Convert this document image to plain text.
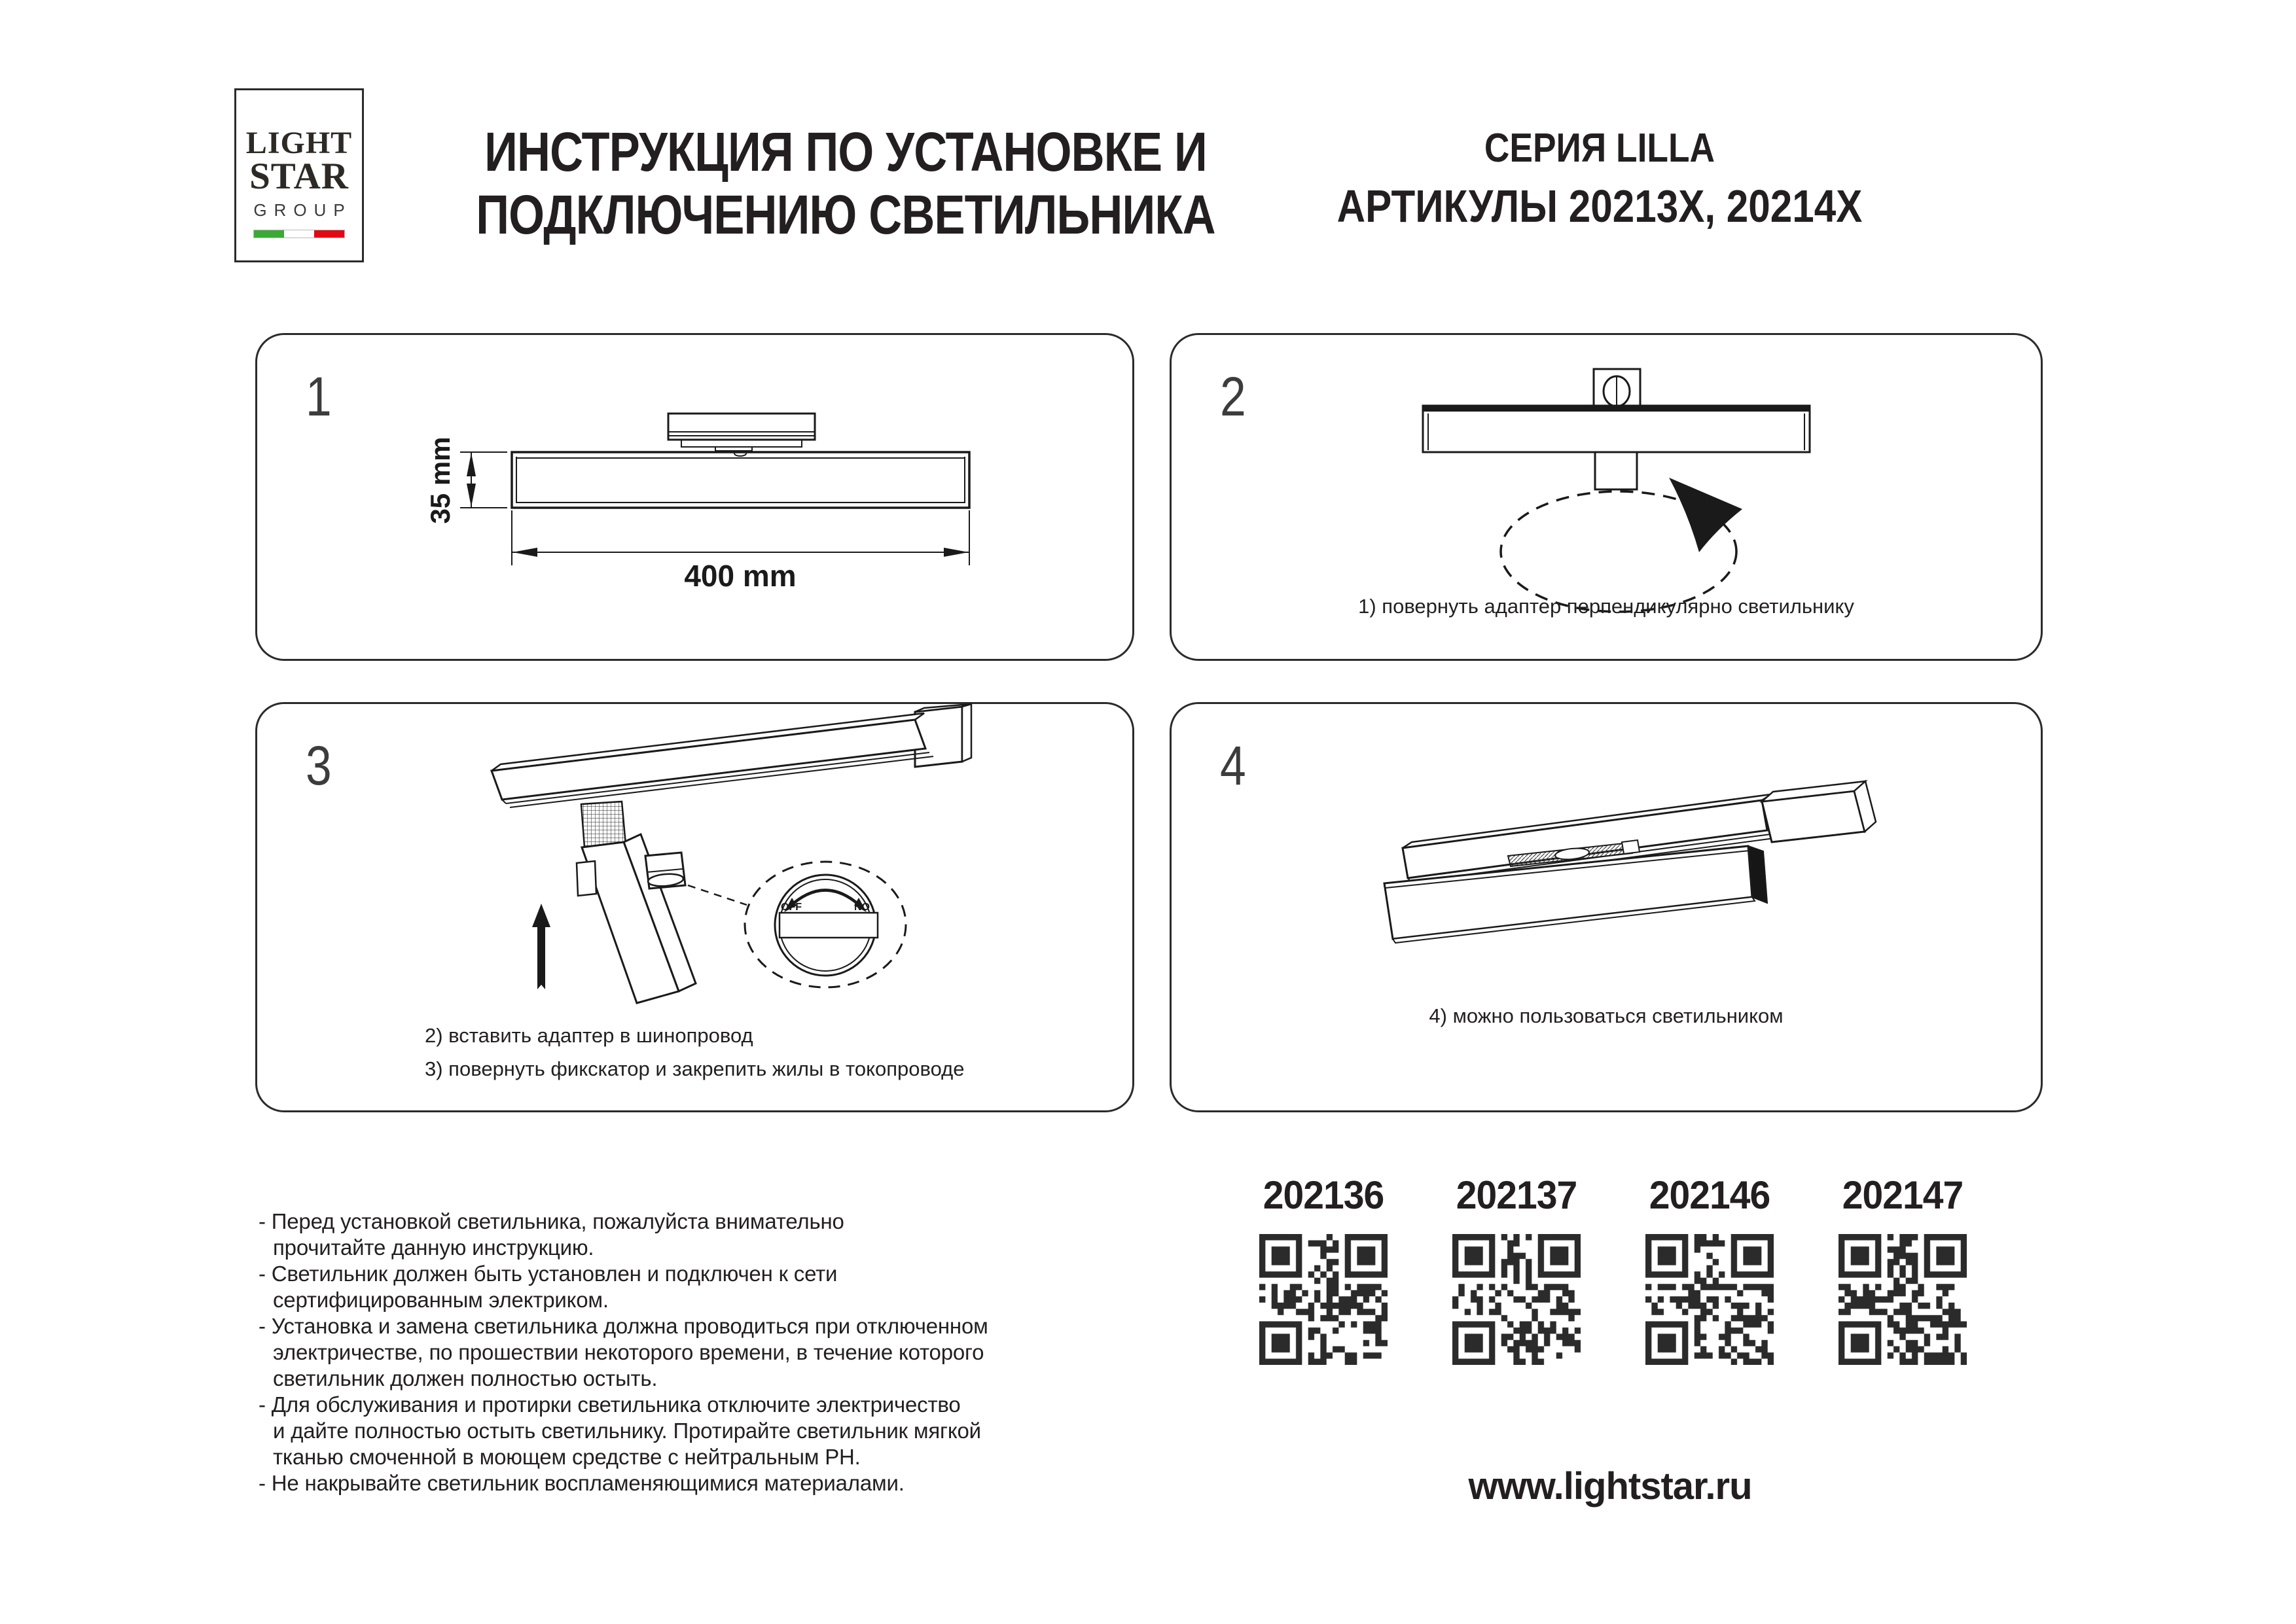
LIGHT
STAR
GROUP
ИНСТРУКЦИЯ ПО УСТАНОВКЕ И
ПОДКЛЮЧЕНИЮ СВЕТИЛЬНИКА
СЕРИЯ LILLA
АРТИКУЛЫ 20213X, 20214X
1
35 mm
400 mm
2
1) повернуть адаптер перпендикулярно светильнику
3
OFF	NO
2) вставить адаптер в шинопровод
3) повернуть фикскатор и закрепить жилы в токопроводе
4
4) можно пользоваться светильником
- Перед установкой светильника, пожалуйста внимательно
прочитайте данную инструкцию.
- Светильник должен быть установлен и подключен к сети
сертифицированным электриком.
- Установка и замена светильника должна проводиться при отключенном
электричестве, по прошествии некоторого времени, в течение которого
светильник должен полностью остыть.
- Для обслуживания и протирки светильника отключите электричество
и дайте полностью остыть светильнику. Протирайте светильник мягкой
тканью смоченной в моющем средстве с нейтральным PH.
- Не накрывайте светильник воспламеняющимися материалами.
202136 202137 202146 202147
www.lightstar.ru
